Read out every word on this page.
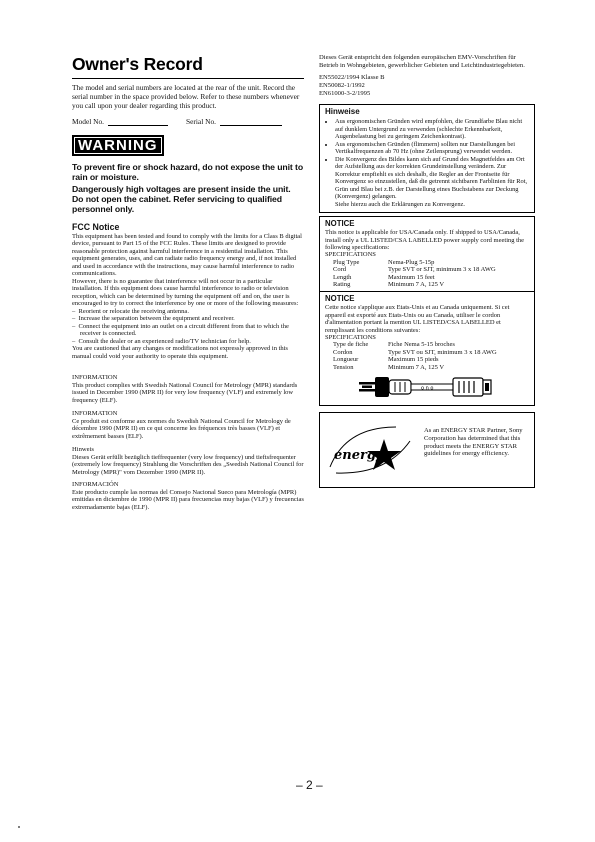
Owner's Record

The model and serial numbers are located at the rear of the unit. Record the serial number in the space provided below. Refer to these numbers whenever you call upon your dealer regarding this product.

Model No.	Serial No.
WARNING

To prevent fire or shock hazard, do not expose the unit to rain or moisture.

Dangerously high voltages are present inside the unit. Do not open the cabinet. Refer servicing to qualified personnel only.

FCC Notice

This equipment has been tested and found to comply with the limits for a Class B digital device, pursuant to Part 15 of the FCC Rules. These limits are designed to provide reasonable protection against harmful interference in a residential installation. This equipment generates, uses, and can radiate radio frequency energy and, if not installed and used in accordance with the instructions, may cause harmful interference to radio communications.

However, there is no guarantee that interference will not occur in a particular installation. If this equipment does cause harmful interference to radio or television reception, which can be determined by turning the equipment off and on, the user is encouraged to try to correct the interference by one or more of the following measures:

–  Reorient or relocate the receiving antenna.
–  Increase the separation between the equipment and receiver.
–  Connect the equipment into an outlet on a circuit different from that to which the receiver is connected.
–  Consult the dealer or an experienced radio/TV technician for help.

You are cautioned that any changes or modifications not expressly approved in this manual could void your authority to operate this equipment.

INFORMATION

This product complies with Swedish National Council for Metrology (MPR) standards issued in December 1990 (MPR II) for very low frequency (VLF) and extremely low frequency (ELF).

INFORMATION

Ce produit est conforme aux normes du Swedish National Council for Metrology de décembre 1990 (MPR II) en ce qui concerne les fréquences très basses (VLF) et extrêmement basses (ELF).

Hinweis

Dieses Gerät erfüllt bezüglich tieffrequenter (very low frequency) und tieftsfrequenter (extremely low frequency) Strahlung die Vorschriften des „Swedish National Council for Metrology (MPR)" vom Dezember 1990 (MPR II).

INFORMACIÓN

Este producto cumple las normas del Consejo Nacional Sueco para Metrología (MPR) emitidas en diciembre de 1990 (MPR II) para frecuencias muy bajas (VLF) y frecuencias extremadamente bajas (ELF).

Dieses Gerät entspricht den folgenden europäischen EMV-Vorschriften für Betrieb in Wohngebieten, gewerblicher Gebieten und Leichtindustriegebieten.

EN55022/1994 Klasse B
EN50082-1/1992
EN61000-3-2/1995

Hinweise

• Aus ergonomischen Gründen wird empfohlen, die Grundfarbe Blau nicht auf dunklem Untergrund zu verwenden (schlechte Erkennbarkeit, Augenbelastung bei zu geringem Zeichenkontrast).
• Aus ergonomischen Gründen (flimmern) sollten nur Darstellungen bei Vertikalfrequenzen ab 70 Hz (ohne Zeilensprung) verwendet werden.
• Die Konvergenz des Bildes kann sich auf Grund des Magnetfeldes am Ort der Aufstellung aus der korrekten Grundeinstellung verändern. Zur Korrektur empfiehlt es sich deshalb, die Regler an der Frontseite für Konvergenz so einzustellen, daß die getrennt sichtbaren Farblinien für Rot, Grün und Blau bei z.B. der Darstellung eines Buchstabens zur Deckung (Konvergenz) gelangen.
Siehe hierzu auch die Erklärungen zu Konvergenz.

NOTICE

This notice is applicable for USA/Canada only. If shipped to USA/Canada, install only a UL LISTED/CSA LABELLED power supply cord meeting the following specifications:

SPECIFICATIONS

Plug Type	Nema-Plug 5-15p
Cord	Type SVT or SJT, minimum 3 x 18 AWG
Length	Maximum 15 feet
Rating	Minimum 7 A, 125 V

NOTICE

Cette notice s'applique aux Etats-Unis et au Canada uniquement. Si cet appareil est exporté aux Etats-Unis ou au Canada, utiliser le cordon d'alimentation portant la mention UL LISTED/CSA LABELLED et remplissant les conditions suivantes:

SPECIFICATIONS

Type de fiche	Fiche Nema 5-15 broches
Cordon	Type SVT ou SJT, minimum 3 x 18 AWG
Longueur	Maximum 15 pieds
Tension	Minimum 7 A, 125 V
o n o
energy

As an ENERGY STAR Partner, Sony Corporation has determined that this product meets the ENERGY STAR guidelines for energy efficiency.

– 2 –
